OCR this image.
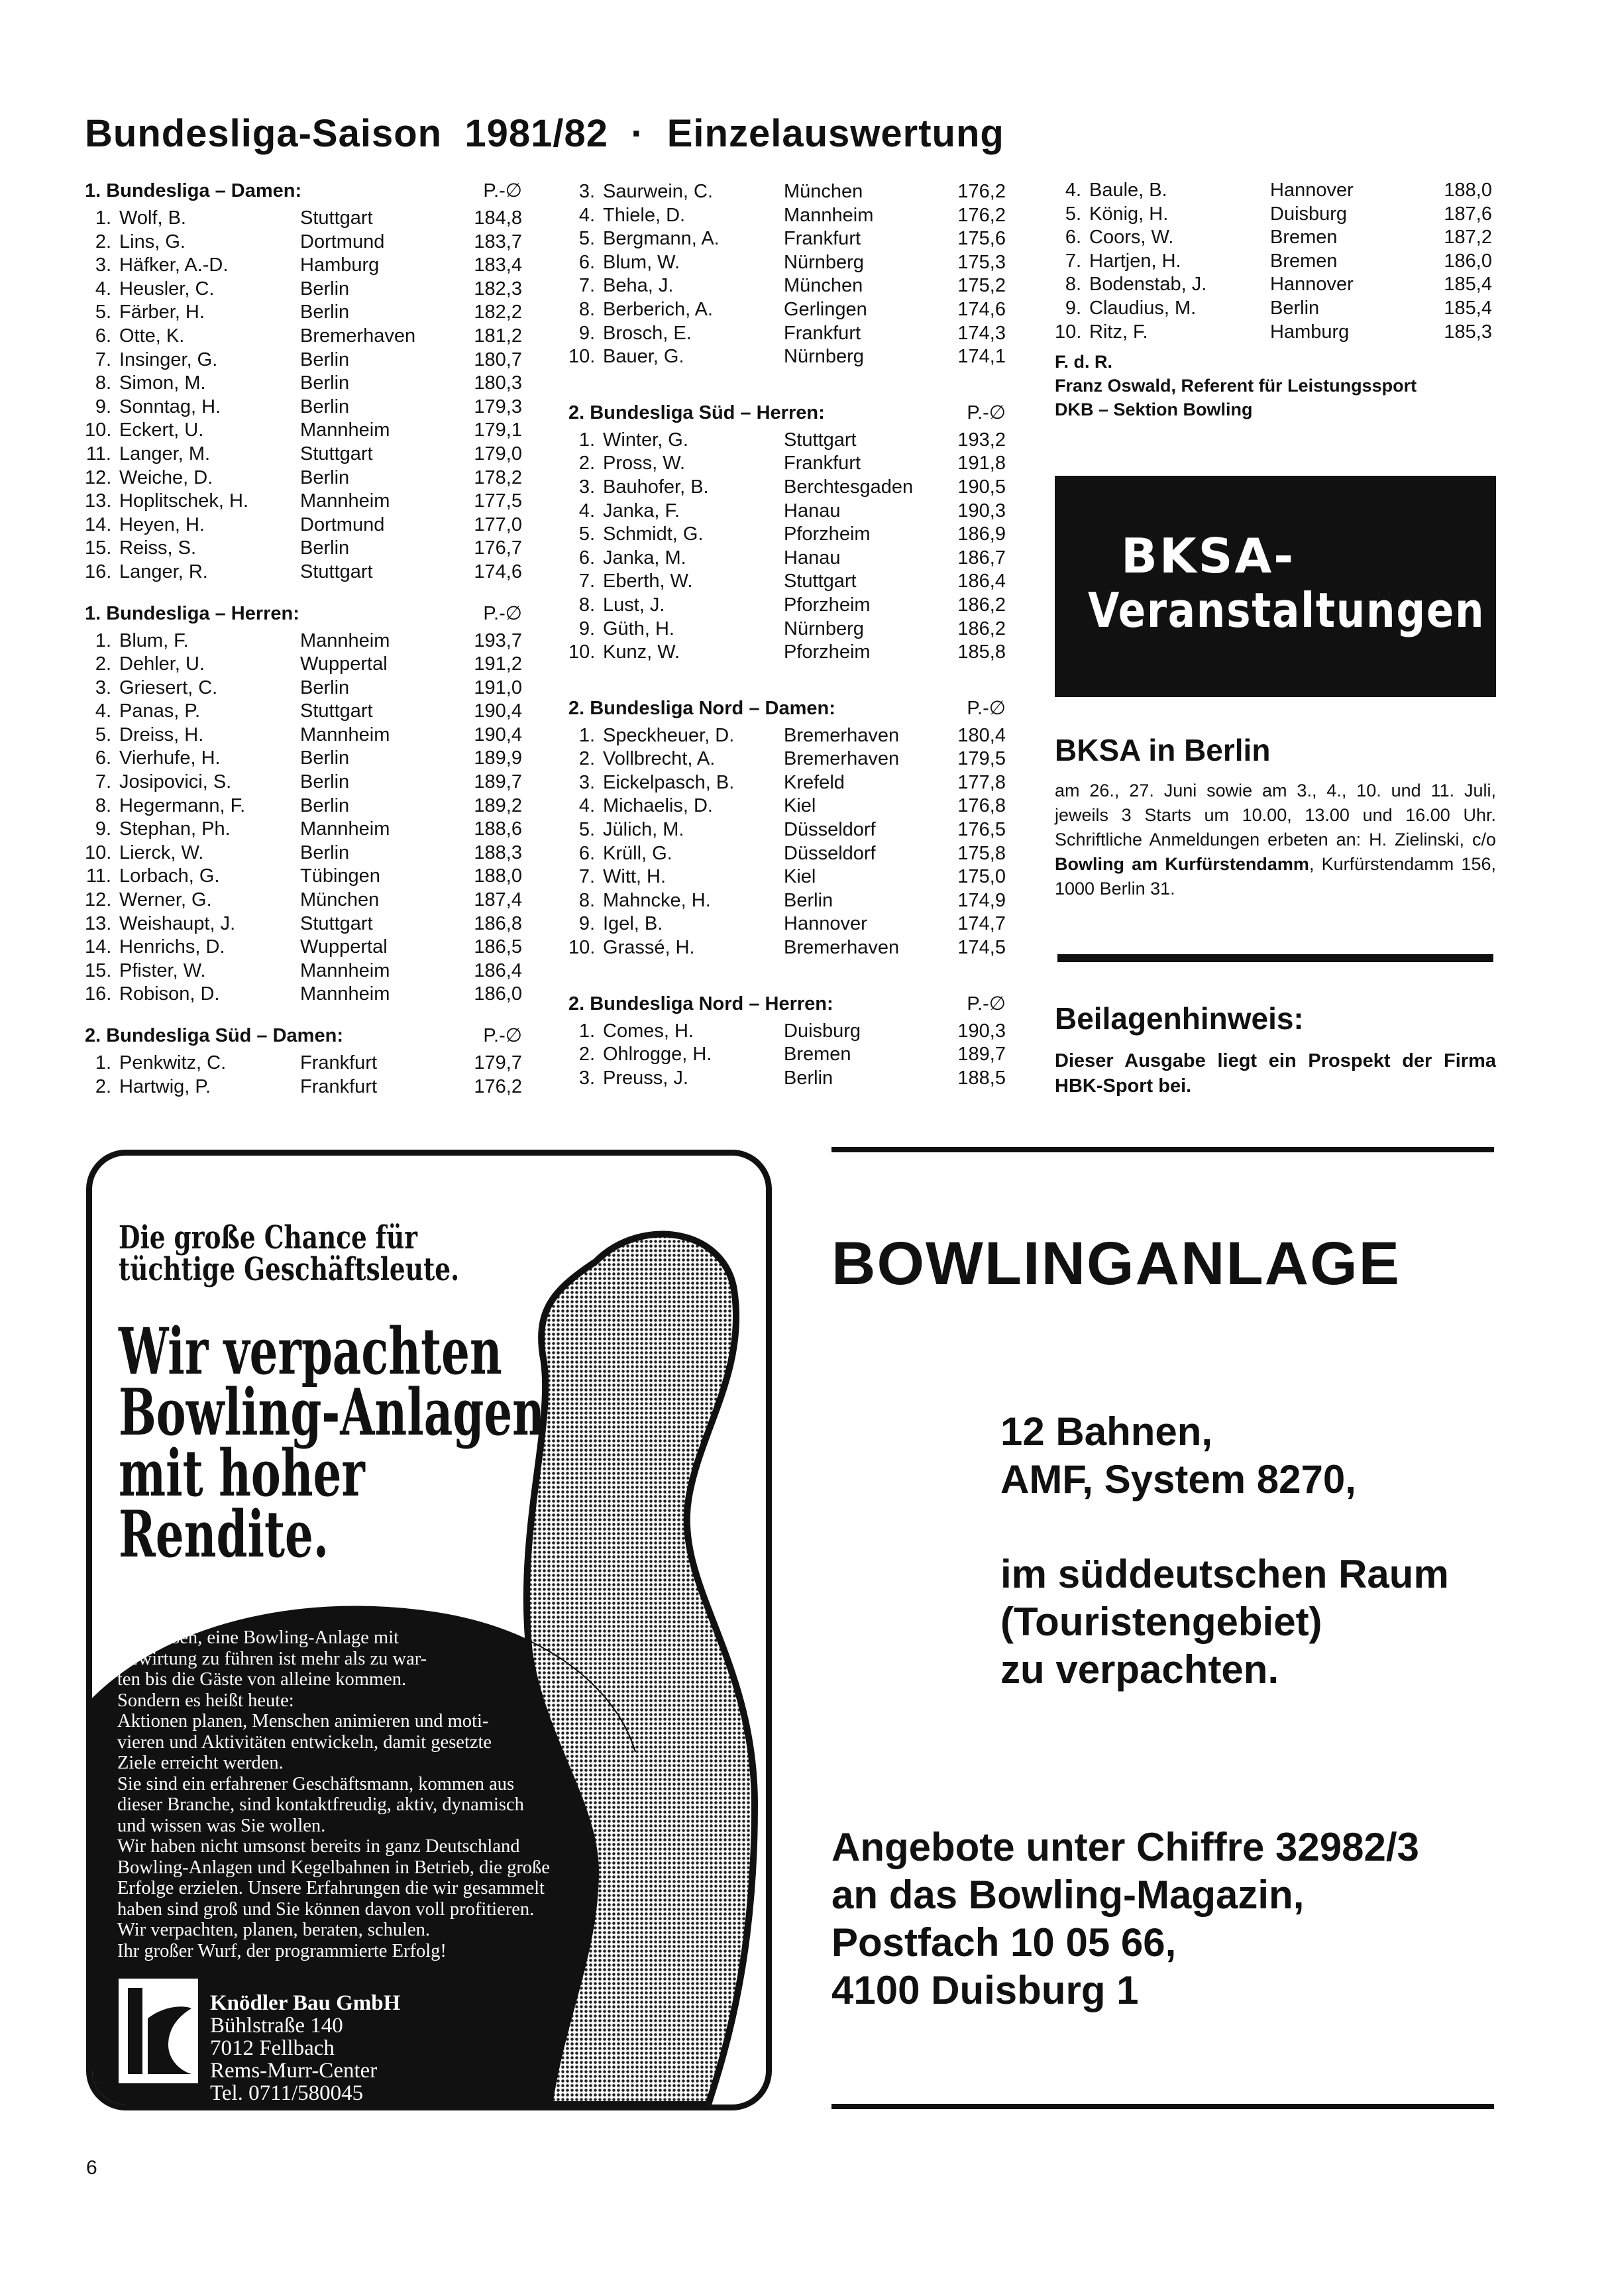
Bundesliga-Saison  1981/82  ·  Einzelauswertung
1. Bundesliga – Damen:	P.-∅
1. Wolf, B.	Stuttgart	184,8
2. Lins, G.	Dortmund	183,7
3. Häfker, A.-D.	Hamburg	183,4
4. Heusler, C.	Berlin	182,3
5. Färber, H.	Berlin	182,2
6. Otte, K.	Bremerhaven	181,2
7. Insinger, G.	Berlin	180,7
8. Simon, M.	Berlin	180,3
9. Sonntag, H.	Berlin	179,3
10. Eckert, U.	Mannheim	179,1
11. Langer, M.	Stuttgart	179,0
12. Weiche, D.	Berlin	178,2
13. Hoplitschek, H.	Mannheim	177,5
14. Heyen, H.	Dortmund	177,0
15. Reiss, S.	Berlin	176,7
16. Langer, R.	Stuttgart	174,6
1. Bundesliga – Herren:	P.-∅
1. Blum, F.	Mannheim	193,7
2. Dehler, U.	Wuppertal	191,2
3. Griesert, C.	Berlin	191,0
4. Panas, P.	Stuttgart	190,4
5. Dreiss, H.	Mannheim	190,4
6. Vierhufe, H.	Berlin	189,9
7. Josipovici, S.	Berlin	189,7
8. Hegermann, F.	Berlin	189,2
9. Stephan, Ph.	Mannheim	188,6
10. Lierck, W.	Berlin	188,3
11. Lorbach, G.	Tübingen	188,0
12. Werner, G.	München	187,4
13. Weishaupt, J.	Stuttgart	186,8
14. Henrichs, D.	Wuppertal	186,5
15. Pfister, W.	Mannheim	186,4
16. Robison, D.	Mannheim	186,0
2. Bundesliga Süd – Damen:	P.-∅
1. Penkwitz, C.	Frankfurt	179,7
2. Hartwig, P.	Frankfurt	176,2
3. Saurwein, C.	München	176,2
4. Thiele, D.	Mannheim	176,2
5. Bergmann, A.	Frankfurt	175,6
6. Blum, W.	Nürnberg	175,3
7. Beha, J.	München	175,2
8. Berberich, A.	Gerlingen	174,6
9. Brosch, E.	Frankfurt	174,3
10. Bauer, G.	Nürnberg	174,1
2. Bundesliga Süd – Herren:	P.-∅
1. Winter, G.	Stuttgart	193,2
2. Pross, W.	Frankfurt	191,8
3. Bauhofer, B.	Berchtesgaden	190,5
4. Janka, F.	Hanau	190,3
5. Schmidt, G.	Pforzheim	186,9
6. Janka, M.	Hanau	186,7
7. Eberth, W.	Stuttgart	186,4
8. Lust, J.	Pforzheim	186,2
9. Güth, H.	Nürnberg	186,2
10. Kunz, W.	Pforzheim	185,8
2. Bundesliga Nord – Damen:	P.-∅
1. Speckheuer, D.	Bremerhaven	180,4
2. Vollbrecht, A.	Bremerhaven	179,5
3. Eickelpasch, B.	Krefeld	177,8
4. Michaelis, D.	Kiel	176,8
5. Jülich, M.	Düsseldorf	176,5
6. Krüll, G.	Düsseldorf	175,8
7. Witt, H.	Kiel	175,0
8. Mahncke, H.	Berlin	174,9
9. Igel, B.	Hannover	174,7
10. Grassé, H.	Bremerhaven	174,5
2. Bundesliga Nord – Herren:	P.-∅
1. Comes, H.	Duisburg	190,3
2. Ohlrogge, H.	Bremen	189,7
3. Preuss, J.	Berlin	188,5
4. Baule, B.	Hannover	188,0
5. König, H.	Duisburg	187,6
6. Coors, W.	Bremen	187,2
7. Hartjen, H.	Bremen	186,0
8. Bodenstab, J.	Hannover	185,4
9. Claudius, M.	Berlin	185,4
10. Ritz, F.	Hamburg	185,3
F. d. R.
Franz Oswald, Referent für Leistungssport
DKB – Sektion Bowling
BKSA-
Veranstaltungen
BKSA in Berlin
am 26., 27. Juni sowie am 3., 4., 10. und 11. Juli, jeweils 3 Starts um 10.00, 13.00 und 16.00 Uhr. Schriftliche Anmeldungen erbeten an: H. Zielinski, c/o Bowling am Kurfürstendamm, Kurfürstendamm 156, 1000 Berlin 31.
Beilagenhinweis:
Dieser Ausgabe liegt ein Prospekt der Firma HBK-Sport bei.
Die große Chance für
tüchtige Geschäftsleute.
Wir verpachten
Bowling-Anlagen
mit hoher
Rendite.
Sie wissen, eine Bowling-Anlage mit
Bewirtung zu führen ist mehr als zu war-
ten bis die Gäste von alleine kommen.
Sondern es heißt heute:
Aktionen planen, Menschen animieren und moti-
vieren und Aktivitäten entwickeln, damit gesetzte
Ziele erreicht werden.
Sie sind ein erfahrener Geschäftsmann, kommen aus
dieser Branche, sind kontaktfreudig, aktiv, dynamisch
und wissen was Sie wollen.
Wir haben nicht umsonst bereits in ganz Deutschland
Bowling-Anlagen und Kegelbahnen in Betrieb, die große
Erfolge erzielen. Unsere Erfahrungen die wir gesammelt
haben sind groß und Sie können davon voll profitieren.
Wir verpachten, planen, beraten, schulen.
Ihr großer Wurf, der programmierte Erfolg!
Knödler Bau GmbH
Bühlstraße 140
7012 Fellbach
Rems-Murr-Center
Tel. 0711/580045
BOWLINGANLAGE
12 Bahnen,
AMF, System 8270,
im süddeutschen Raum
(Touristengebiet)
zu verpachten.
Angebote unter Chiffre 32982/3
an das Bowling-Magazin,
Postfach 10 05 66,
4100 Duisburg 1
6
